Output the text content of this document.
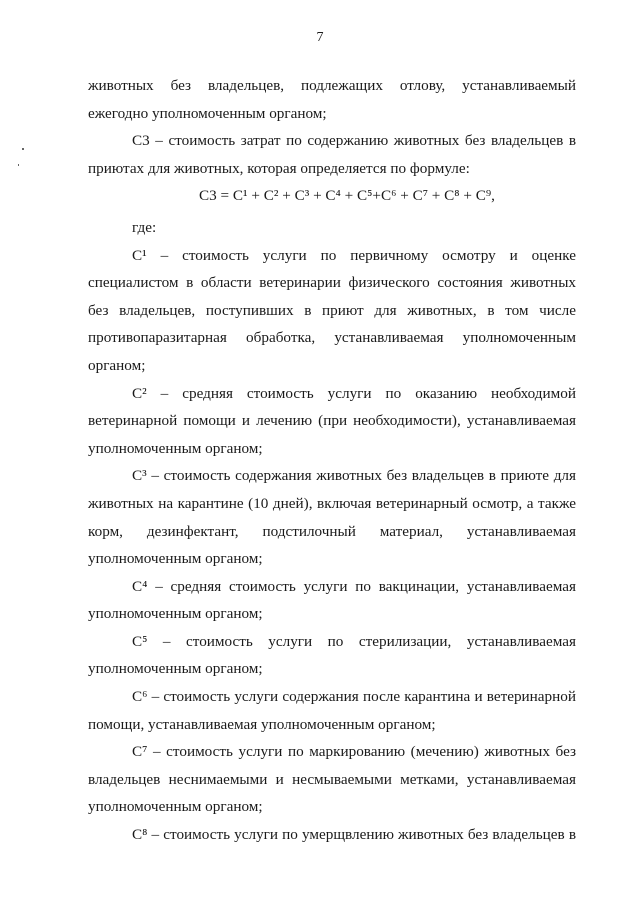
7

животных без владельцев, подлежащих отлову, устанавливаемый

ежегодно уполномоченным органом;

С3 – стоимость затрат по содержанию животных без владельцев в

приютах для животных, которая определяется по формуле:

С3 = С¹ + С² + С³ + С⁴ + С⁵+С⁶ + С⁷ + С⁸ + С⁹,

где:

С¹ – стоимость услуги по первичному осмотру и оценке

специалистом в области ветеринарии физического состояния животных

без владельцев, поступивших в приют для животных, в том числе

противопаразитарная обработка, устанавливаемая уполномоченным

органом;

С² – средняя стоимость услуги по оказанию необходимой

ветеринарной помощи и лечению (при необходимости), устанавливаемая

уполномоченным органом;

С³ – стоимость содержания животных без владельцев в приюте для

животных на карантине (10 дней), включая ветеринарный осмотр, а также

корм, дезинфектант, подстилочный материал, устанавливаемая

уполномоченным органом;

С⁴ – средняя стоимость услуги по вакцинации, устанавливаемая

уполномоченным органом;

С⁵ – стоимость услуги по стерилизации, устанавливаемая

уполномоченным органом;

С⁶ – стоимость услуги содержания после карантина и ветеринарной

помощи, устанавливаемая уполномоченным органом;

С⁷ – стоимость услуги по маркированию (мечению) животных без

владельцев неснимаемыми и несмываемыми метками, устанавливаемая

уполномоченным органом;

С⁸ – стоимость услуги по умерщвлению животных без владельцев в
